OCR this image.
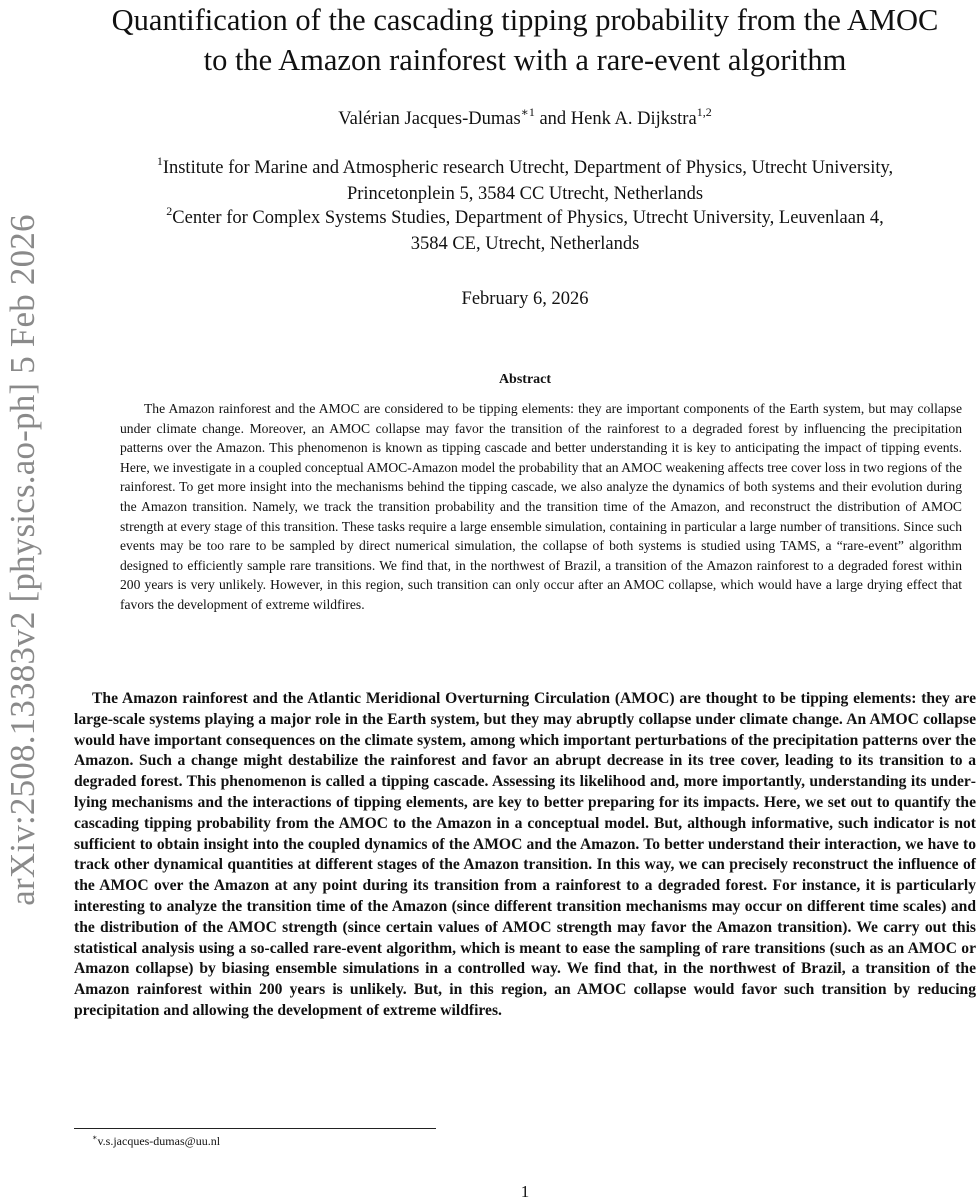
arXiv:2508.13383v2 [physics.ao-ph] 5 Feb 2026
Quantification of the cascading tipping probability from the AMOC
to the Amazon rainforest with a rare-event algorithm
Valérian Jacques-Dumas$^{∗1}$ and Henk A. Dijkstra$^{1,2}$
$^1$Institute for Marine and Atmospheric research Utrecht, Department of Physics, Utrecht University,
Princetonplein 5, 3584 CC Utrecht, Netherlands
$^2$Center for Complex Systems Studies, Department of Physics, Utrecht University, Leuvenlaan 4,
3584 CE, Utrecht, Netherlands
February 6, 2026
Abstract

The Amazon rainforest and the AMOC are considered to be tipping elements: they are important components of the Earth system, but may collapse under climate change. Moreover, an AMOC collapse may favor the transition of the rainforest to a degraded forest by influencing the precipitation patterns over the Amazon. This phenomenon is known as tipping cascade and better understanding it is key to anticipating the impact of tipping events. Here, we investigate in a coupled conceptual AMOC-Amazon model the probability that an AMOC weakening affects tree cover loss in two regions of the rainforest. To get more insight into the mechanisms behind the tipping cascade, we also analyze the dynamics of both systems and their evolution during the Amazon transition. Namely, we track the transition probability and the transition time of the Amazon, and reconstruct the distribution of AMOC strength at every stage of this transition. These tasks require a large ensemble simulation, containing in particular a large number of transitions. Since such events may be too rare to be sampled by direct numerical simulation, the collapse of both systems is studied using TAMS, a “rare-event” algorithm designed to efficiently sample rare transitions. We find that, in the northwest of Brazil, a transition of the Amazon rainforest to a degraded forest within 200 years is very unlikely. However, in this region, such transition can only occur after an AMOC collapse, which would have a large drying effect that favors the development of extreme wildfires.

The Amazon rainforest and the Atlantic Meridional Overturning Circulation (AMOC) are thought to be tipping elements: they are large-scale systems playing a major role in the Earth system, but they may abruptly collapse under climate change. An AMOC collapse would have important consequences on the climate system, among which important perturbations of the precipitation patterns over the Amazon. Such a change might destabilize the rainforest and favor an abrupt decrease in its tree cover, leading to its transition to a degraded forest. This phenomenon is called a tipping cascade. Assessing its likelihood and, more importantly, understanding its underlying mechanisms and the interactions of tipping elements, are key to better preparing for its impacts. Here, we set out to quantify the cascading tipping probability from the AMOC to the Amazon in a conceptual model. But, although informative, such indicator is not sufficient to obtain insight into the coupled dynamics of the AMOC and the Amazon. To better understand their interaction, we have to track other dynamical quantities at different stages of the Amazon transition. In this way, we can precisely reconstruct the influence of the AMOC over the Amazon at any point during its transition from a rainforest to a degraded forest. For instance, it is particularly interesting to analyze the transition time of the Amazon (since different transition mechanisms may occur on different time scales) and the distribution of the AMOC strength (since certain values of AMOC strength may favor the Amazon transition). We carry out this statistical analysis using a so-called rare-event algorithm, which is meant to ease the sampling of rare transitions (such as an AMOC or Amazon collapse) by biasing ensemble simulations in a controlled way. We find that, in the northwest of Brazil, a transition of the Amazon rainforest within 200 years is unlikely. But, in this region, an AMOC collapse would favor such transition by reducing precipitation and allowing the development of extreme wildfires.

∗v.s.jacques-dumas@uu.nl
1
